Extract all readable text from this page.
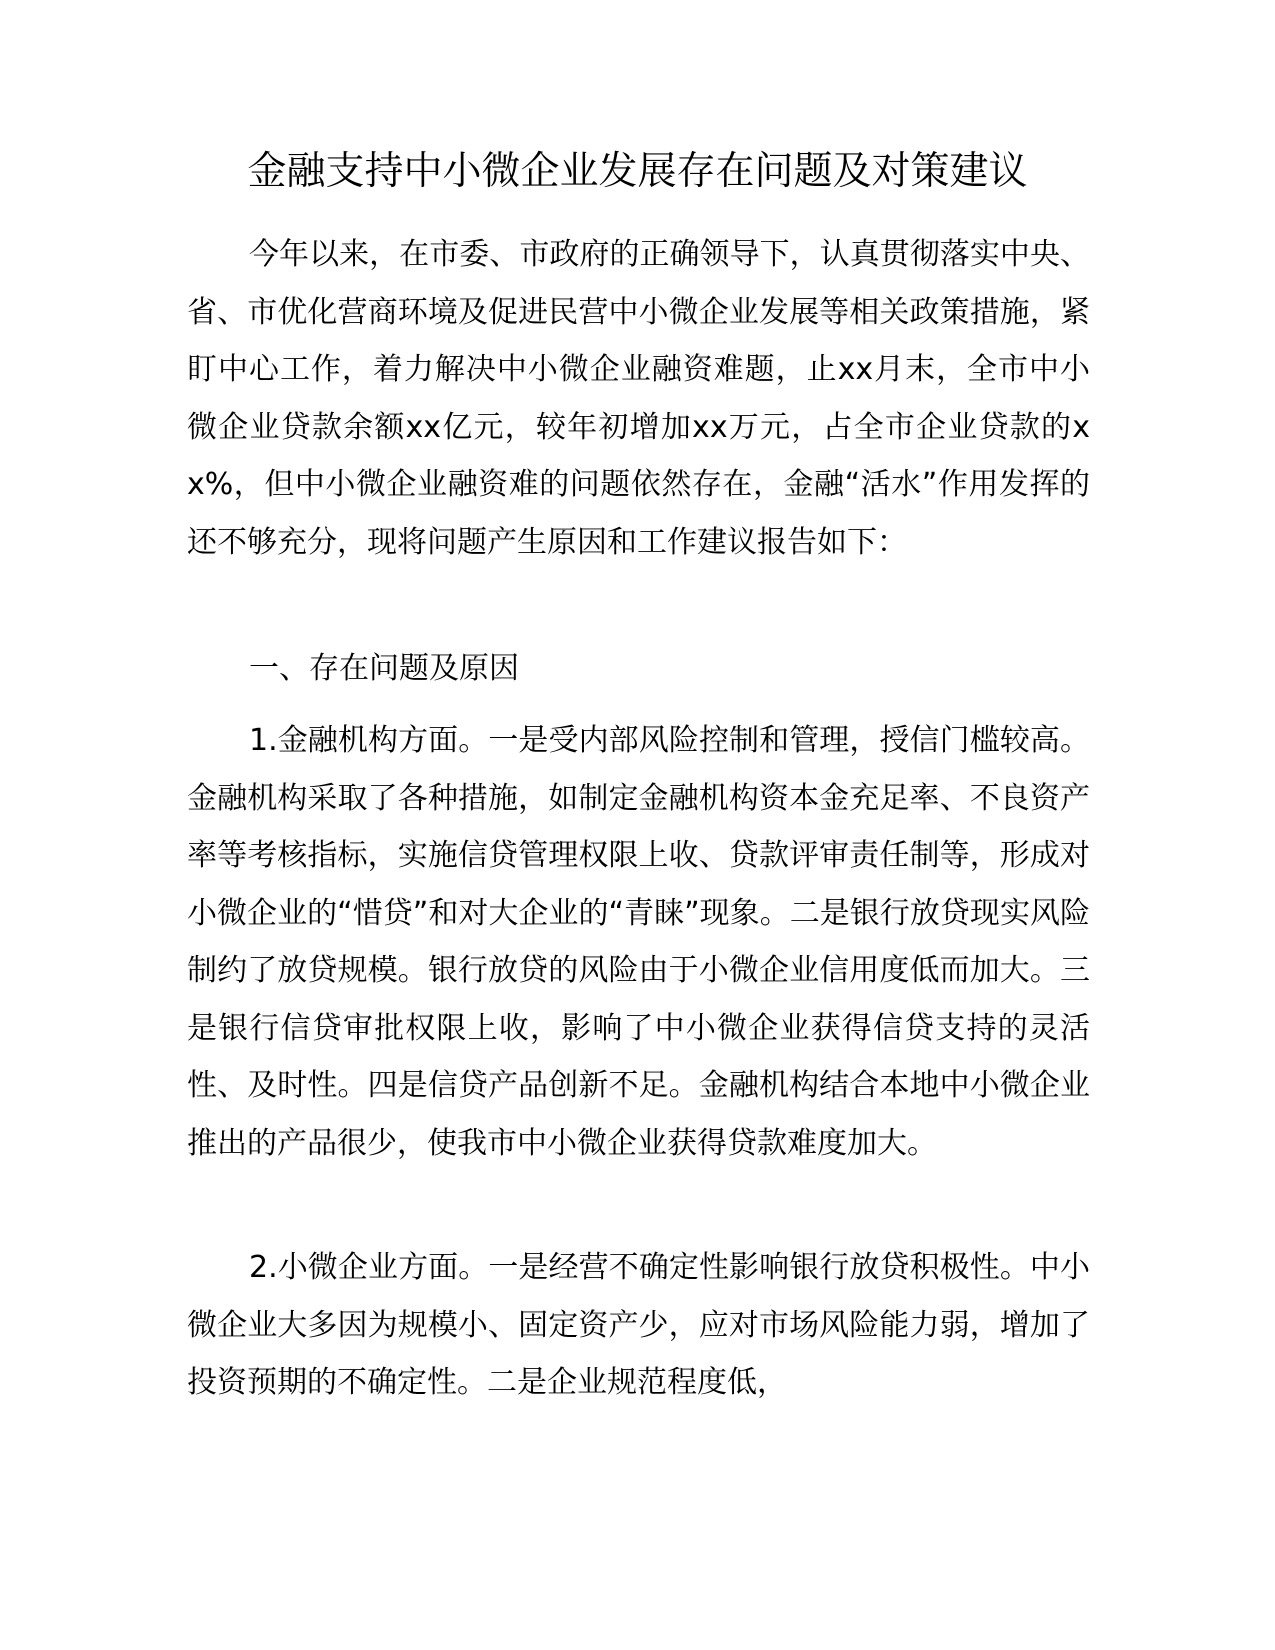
金融支持中小微企业发展存在问题及对策建议

今年以来，在市委、市政府的正确领导下，认真贯彻落实中央、省、市优化营商环境及促进民营中小微企业发展等相关政策措施，紧盯中心工作，着力解决中小微企业融资难题，止xx月末，全市中小微企业贷款余额xx亿元，较年初增加xx万元，占全市企业贷款的xx%，但中小微企业融资难的问题依然存在，金融“活水”作用发挥的还不够充分，现将问题产生原因和工作建议报告如下：

一、存在问题及原因

1.金融机构方面。一是受内部风险控制和管理，授信门槛较高。金融机构采取了各种措施，如制定金融机构资本金充足率、不良资产率等考核指标，实施信贷管理权限上收、贷款评审责任制等，形成对小微企业的“惜贷”和对大企业的“青睐”现象。二是银行放贷现实风险制约了放贷规模。银行放贷的风险由于小微企业信用度低而加大。三是银行信贷审批权限上收，影响了中小微企业获得信贷支持的灵活性、及时性。四是信贷产品创新不足。金融机构结合本地中小微企业推出的产品很少，使我市中小微企业获得贷款难度加大。

2.小微企业方面。一是经营不确定性影响银行放贷积极性。中小微企业大多因为规模小、固定资产少，应对市场风险能力弱，增加了投资预期的不确定性。二是企业规范程度低，
